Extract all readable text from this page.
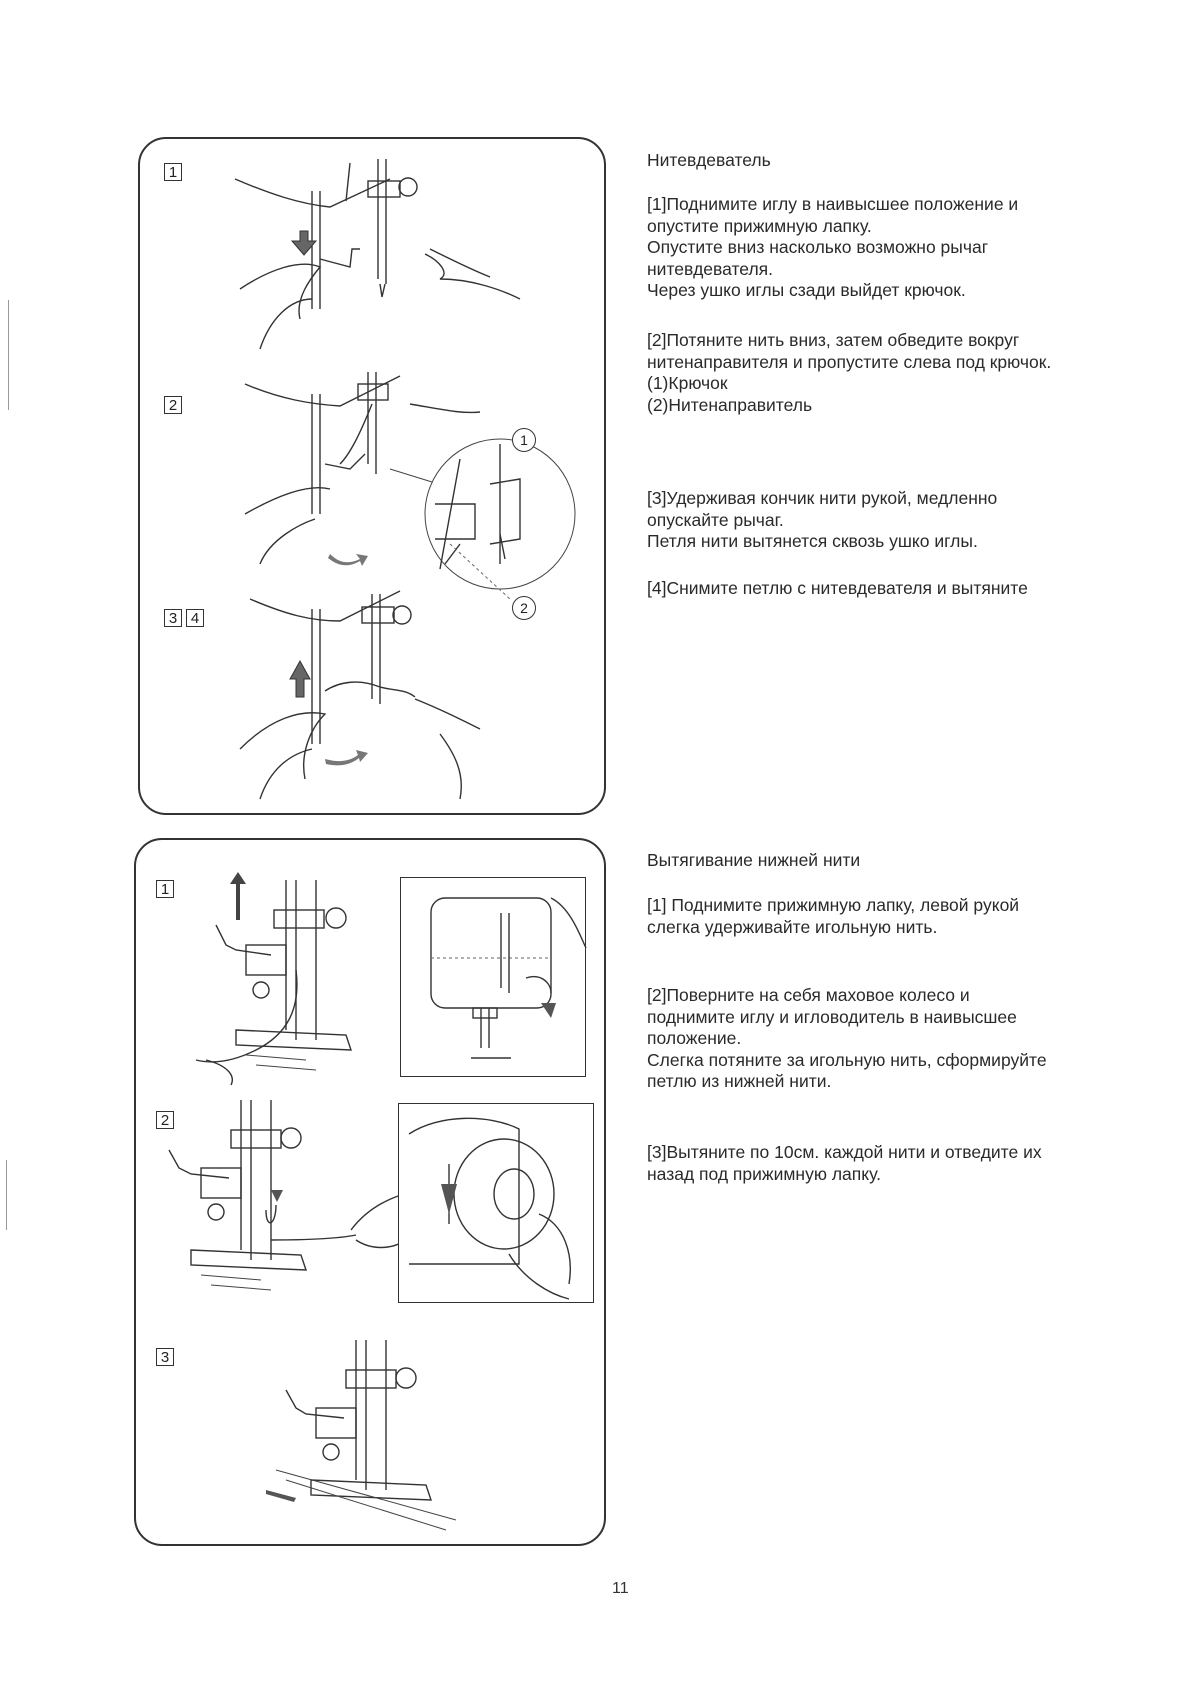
1
2
3 4
1
2
1
2
3
Нитевдеватель

[1]Поднимите иглу в наивысшее положение и

опустите прижимную лапку.

Опустите вниз насколько возможно рычаг

нитевдевателя.

Через ушко иглы сзади выйдет крючок.

[2]Потяните нить вниз, затем обведите вокруг

нитенаправителя и пропустите слева под крючок.

(1)Крючок

(2)Нитенаправитель

[3]Удерживая кончик нити рукой, медленно

опускайте рычаг.

Петля нити вытянется сквозь ушко иглы.

[4]Снимите петлю с нитевдевателя и вытяните

Вытягивание нижней нити

[1] Поднимите прижимную лапку, левой рукой

слегка удерживайте игольную нить.

[2]Поверните на себя маховое колесо и

поднимите иглу и игловодитель в наивысшее

положение.

Слегка потяните за игольную нить, сформируйте

петлю из нижней нити.

[3]Вытяните по 10см. каждой нити и отведите их

назад под прижимную лапку.

11
